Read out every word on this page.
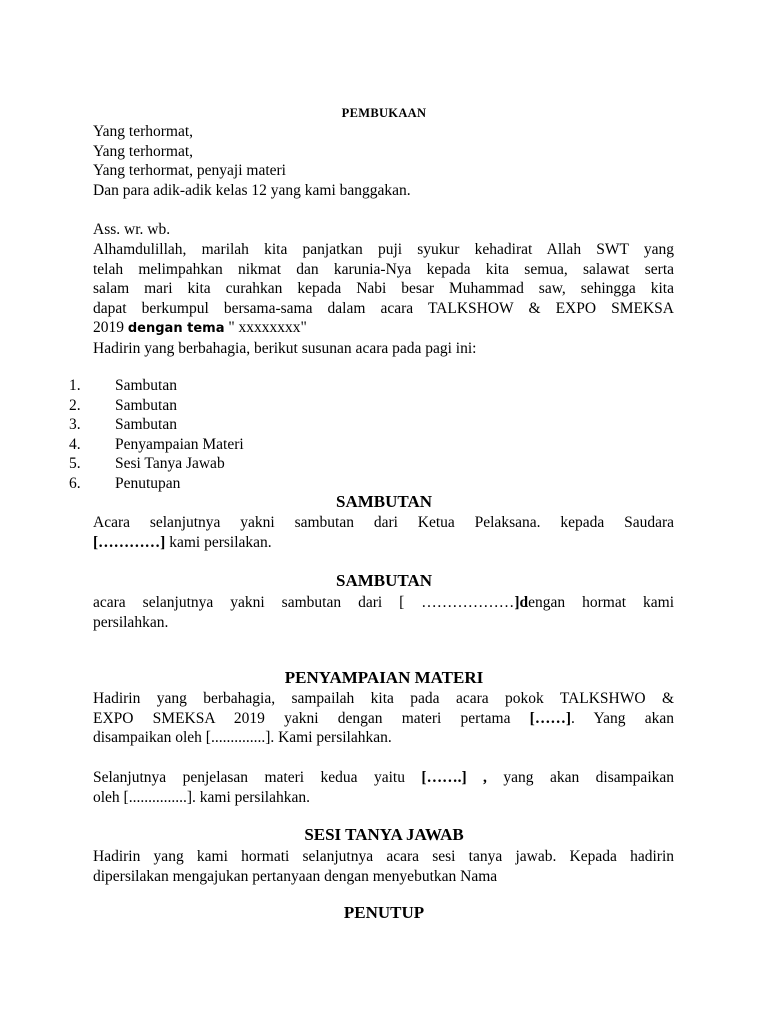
PEMBUKAAN
Yang terhormat,
Yang terhormat,
Yang terhormat, penyaji materi
Dan para adik-adik kelas 12 yang kami banggakan.
Ass. wr. wb.
Alhamdulillah, marilah kita panjatkan puji syukur kehadirat Allah SWT yang
telah melimpahkan nikmat dan karunia-Nya kepada kita semua, salawat serta
salam mari kita curahkan kepada Nabi besar Muhammad saw, sehingga kita
dapat berkumpul bersama-sama dalam acara TALKSHOW & EXPO SMEKSA
2019 dengan tema " xxxxxxxx"
Hadirin yang berbahagia, berikut susunan acara pada pagi ini:
1. Sambutan
2. Sambutan
3. Sambutan
4. Penyampaian Materi
5. Sesi Tanya Jawab
6. Penutupan
SAMBUTAN
Acara selanjutnya yakni sambutan dari Ketua Pelaksana. kepada Saudara
[…………] kami persilakan.
SAMBUTAN
acara selanjutnya yakni sambutan dari [ ………………]dengan hormat kami
persilahkan.
PENYAMPAIAN MATERI
Hadirin yang berbahagia, sampailah kita pada acara pokok TALKSHWO &
EXPO SMEKSA 2019 yakni dengan materi pertama [……]. Yang akan
disampaikan oleh [..............]. Kami persilahkan.
Selanjutnya penjelasan materi kedua yaitu […….] , yang akan disampaikan
oleh [...............]. kami persilahkan.
SESI TANYA JAWAB
Hadirin yang kami hormati selanjutnya acara sesi tanya jawab. Kepada hadirin
dipersilakan mengajukan pertanyaan dengan menyebutkan Nama
PENUTUP
